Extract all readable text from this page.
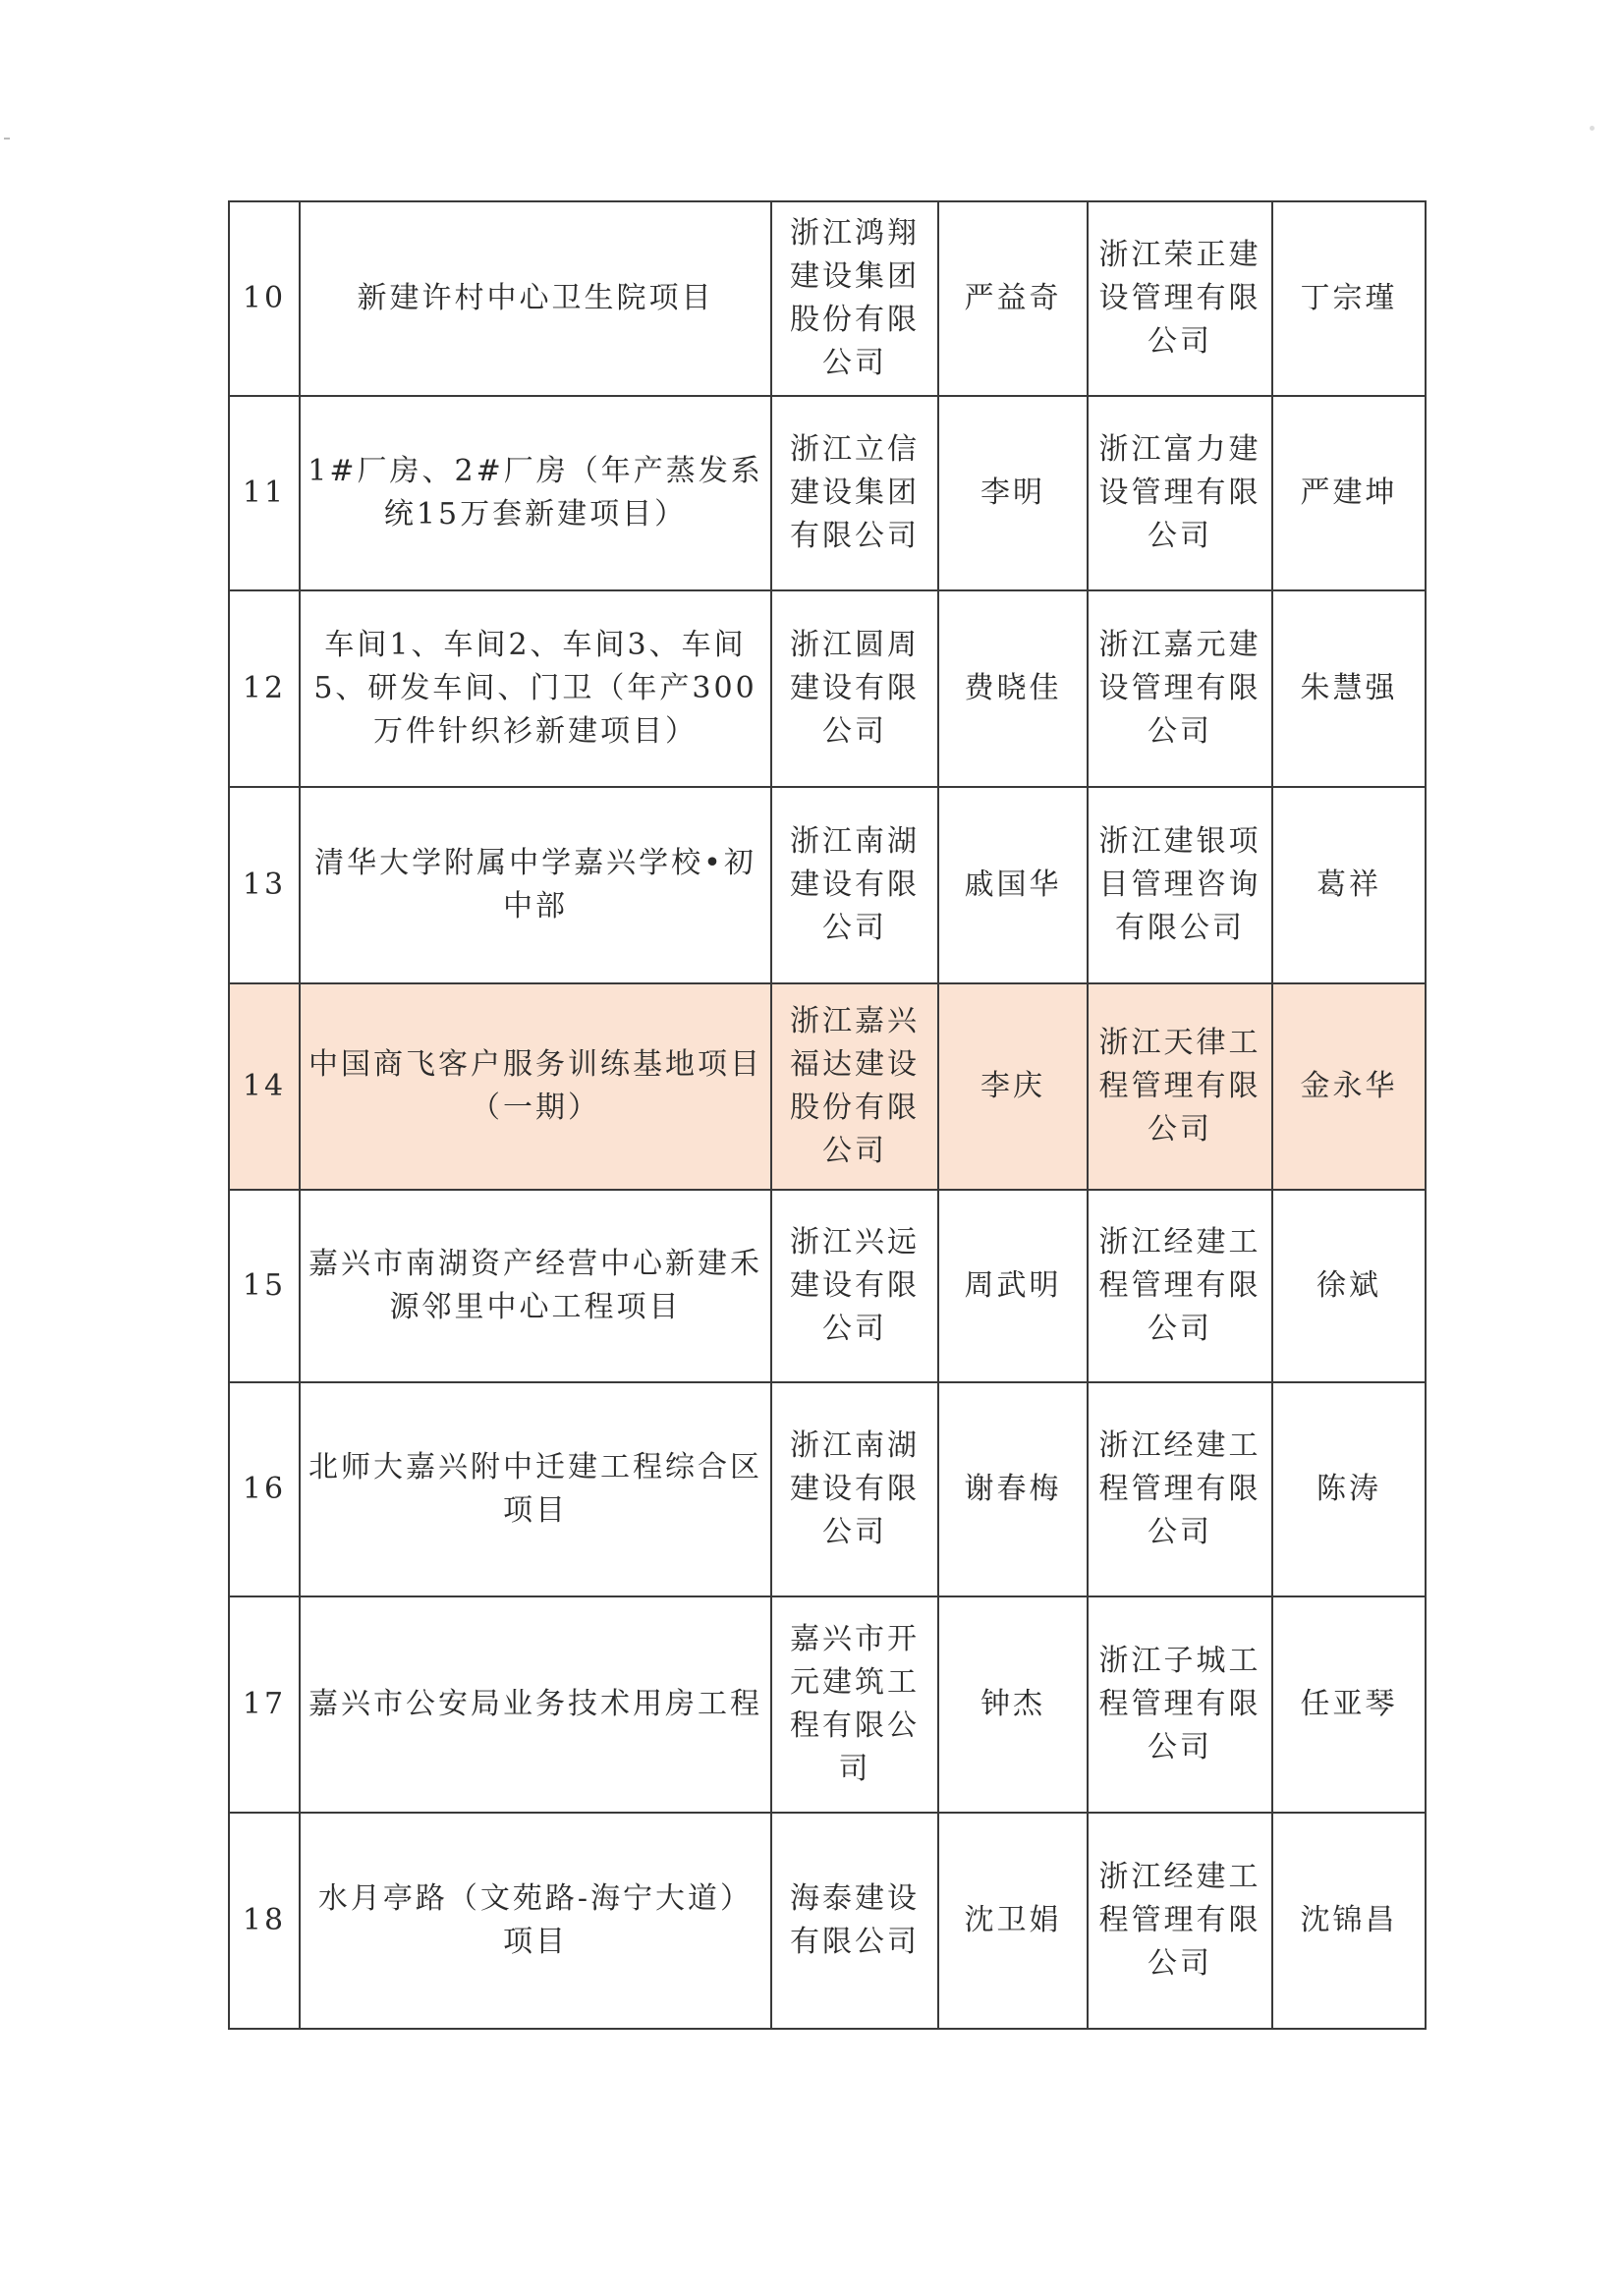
10	新建许村中心卫生院项目	浙江鸿翔建设集团股份有限公司	严益奇	浙江荣正建设管理有限公司	丁宗瑾
11	1#厂房、2#厂房（年产蒸发系统15万套新建项目）	浙江立信建设集团有限公司	李明	浙江富力建设管理有限公司	严建坤
12	车间1、车间2、车间3、车间5、研发车间、门卫（年产300万件针织衫新建项目）	浙江圆周建设有限公司	费晓佳	浙江嘉元建设管理有限公司	朱慧强
13	清华大学附属中学嘉兴学校•初中部	浙江南湖建设有限公司	戚国华	浙江建银项目管理咨询有限公司	葛祥
14	中国商飞客户服务训练基地项目（一期）	浙江嘉兴福达建设股份有限公司	李庆	浙江天律工程管理有限公司	金永华
15	嘉兴市南湖资产经营中心新建禾源邻里中心工程项目	浙江兴远建设有限公司	周武明	浙江经建工程管理有限公司	徐斌
16	北师大嘉兴附中迁建工程综合区项目	浙江南湖建设有限公司	谢春梅	浙江经建工程管理有限公司	陈涛
17	嘉兴市公安局业务技术用房工程	嘉兴市开元建筑工程有限公司	钟杰	浙江子城工程管理有限公司	任亚琴
18	水月亭路（文苑路-海宁大道）项目	海泰建设有限公司	沈卫娟	浙江经建工程管理有限公司	沈锦昌
